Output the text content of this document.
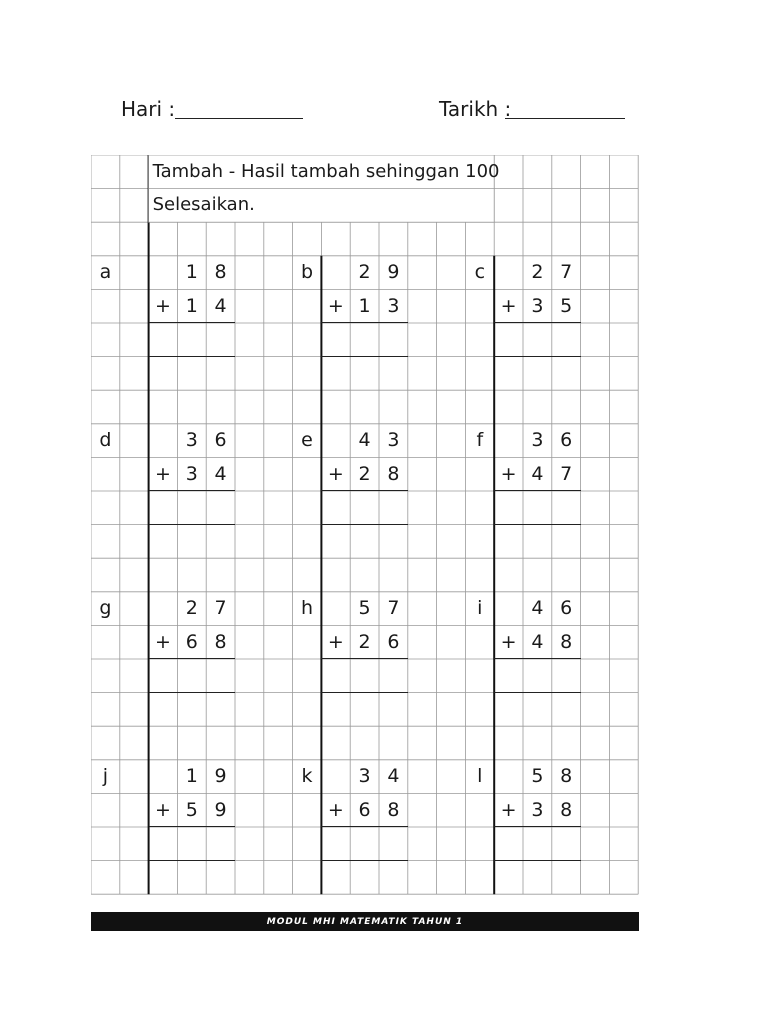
Hari :	Tarikh :
Tambah - Hasil tambah sehinggan 100
Selesaikan.
a	1 8
+ 1 4
b	2 9
+ 1 3
c	2 7
+ 3 5
d	3 6
+ 3 4
e	4 3
+ 2 8
f	3 6
+ 4 7
g	2 7
+ 6 8
h	5 7
+ 2 6
i	4 6
+ 4 8
j	1 9
+ 5 9
k	3 4
+ 6 8
l	5 8
+ 3 8
MODUL MHI MATEMATIK TAHUN 1
